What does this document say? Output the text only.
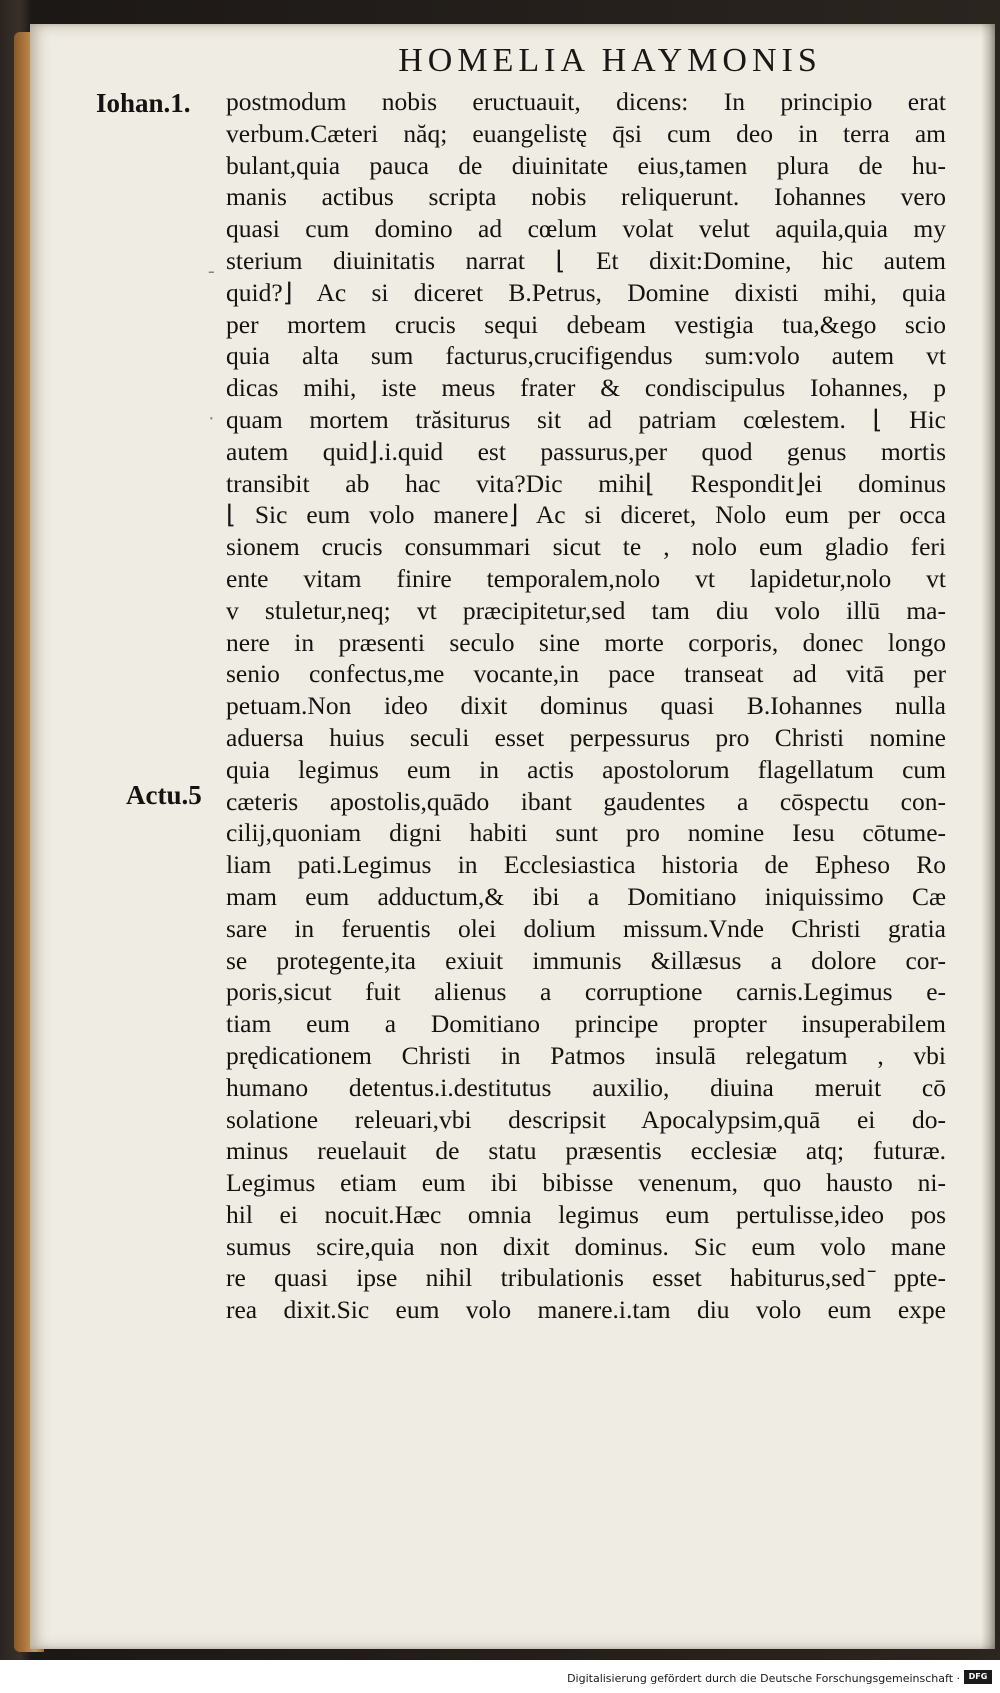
HOMELIA HAYMONIS
Iohan.1.
Actu.5
-
·
postmodum nobis eructuauit, dicens: In principio erat
verbum.Cæteri năq; euangelistę q̄si cum deo in terra am
bulant,quia pauca de diuinitate eius,tamen plura de hu-
manis actibus scripta nobis reliquerunt. Iohannes vero
quasi cum domino ad cœlum volat velut aquila,quia my
sterium diuinitatis narrat ⌊ Et dixit:Domine, hic autem
quid?⌋ Ac si diceret B.Petrus, Domine dixisti mihi, quia
per mortem crucis sequi debeam vestigia tua,&ego scio
quia alta sum facturus,crucifigendus sum:volo autem vt
dicas mihi, iste meus frater & condiscipulus Iohannes, p
quam mortem trăsiturus sit ad patriam cœlestem. ⌊ Hic
autem quid⌋.i.quid est passurus,per quod genus mortis
transibit ab hac vita?Dic mihi⌊ Respondit⌋ei dominus
⌊ Sic eum volo manere⌋ Ac si diceret, Nolo eum per occa
sionem crucis consummari sicut te , nolo eum gladio feri
ente vitam finire temporalem,nolo vt lapidetur,nolo vt
v stuletur,neq; vt præcipitetur,sed tam diu volo illū ma-
nere in præsenti seculo sine morte corporis, donec longo
senio confectus,me vocante,in pace transeat ad vitā per
petuam.Non ideo dixit dominus quasi B.Iohannes nulla
aduersa huius seculi esset perpessurus pro Christi nomine
quia legimus eum in actis apostolorum flagellatum cum
cæteris apostolis,quādo ibant gaudentes a cōspectu con-
cilij,quoniam digni habiti sunt pro nomine Iesu cōtume-
liam pati.Legimus in Ecclesiastica historia de Epheso Ro
mam eum adductum,& ibi a Domitiano iniquissimo Cæ
sare in feruentis olei dolium missum.Vnde Christi gratia
se protegente,ita exiuit immunis &illæsus a dolore cor-
poris,sicut fuit alienus a corruptione carnis.Legimus e-
tiam eum a Domitiano principe propter insuperabilem
prędicationem Christi in Patmos insulā relegatum , vbi
humano detentus.i.destitutus auxilio, diuina meruit cō
solatione releuari,vbi descripsit Apocalypsim,quā ei do-
minus reuelauit de statu præsentis ecclesiæ atq; futuræ.
Legimus etiam eum ibi bibisse venenum, quo hausto ni-
hil ei nocuit.Hæc omnia legimus eum pertulisse,ideo pos
sumus scire,quia non dixit dominus. Sic eum volo mane
re quasi ipse nihil tribulationis esset habiturus,sed ̄ppte-
rea dixit.Sic eum volo manere.i.tam diu volo eum expe
Digitalisierung gefördert durch die Deutsche Forschungsgemeinschaft ·	DFG
